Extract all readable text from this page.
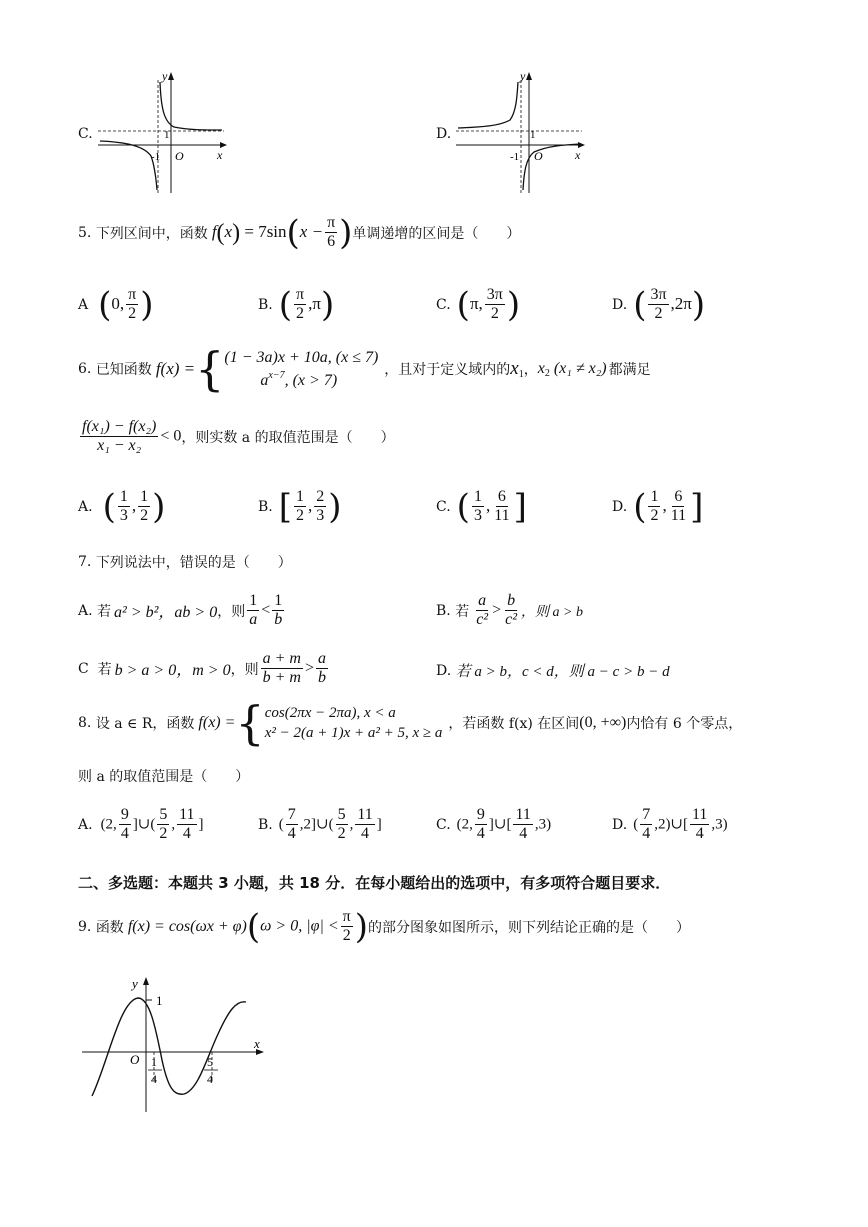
C.
y
x
O
1
-1
D.
y
x
O
1
-1
5.
下列区间中，函数 $f(x) = 7\sin(x - \frac{\pi}{6}$ ) 单调递增的区间是（　　）
A (0, $\frac{\pi}{2}$ )	B. ( $\frac{\pi}{2} ,\pi$)	C. (π, $\frac{3\pi}{2}$ )	D. ( $\frac{3\pi}{2} ,2\pi$)
6.
已知函数 f(x) = { (1 − 3a)x + 10a, (x ≤ 7)
$a^{x-7}$, (x > 7)
，且对于定义域内的 $x_1$ ， $x_2$ (x₁ ≠ x₂) 都满足
$\frac{\text{f(x₁) − f(x₂)}}{\text{x₁ − x₂}} < 0$ ，则实数 a 的取值范围是（　　）
A. ( $\frac{1}{3}$ , $\frac{1}{2}$ )	B. [ $\frac{1}{2}$ , $\frac{2}{3}$ )	C. ( $\frac{1}{3}$ , $\frac{6}{11}$ ]	D. ( $\frac{1}{2}$ , $\frac{6}{11}$ ]
7.
下列说法中，错误的是（　　）
A.
若 a² > b²，ab > 0 ，则 $\frac{1}{a} < \frac{1}{b}$	B.
若 $\frac{a}{\text{c²}} > \frac{b}{\text{c²}}$ ，则 a > b
C
若 b > a > 0，m > 0 ，则 $\frac{a + m}{b + m} > \frac{a}{b}$	D.
若 a > b，c < d，则 a − c > b − d
8.
设 a ∈ R，函数 f(x) = { cos(2πx − 2πa), x < a
x² − 2(a + 1)x + a² + 5, x ≥ a
，若函数 f(x) 在区间 (0, +∞) 内恰有 6 个零点，
则 a 的取值范围是（　　）
A. (2, $\frac{9}{4}$ ]∪( $\frac{5}{2}$ , $\frac{11}{4}$ ]	B. ( $\frac{7}{4}$ ,2]∪( $\frac{5}{2}$ , $\frac{11}{4}$ ]	C. (2, $\frac{9}{4}$ ]∪[ $\frac{11}{4} ,3$)	D. ( $\frac{7}{4}$ ,2)∪[ $\frac{11}{4} ,3$)
二、多选题：本题共 3 小题，共 18 分．在每小题给出的选项中，有多项符合题目要求．
9.
函数 f(x) = cos(ωx + φ) (ω > 0, $|\varphi| < \frac{\pi}{2}$ ) 的部分图象如图所示，则下列结论正确的是（　　）
y
x
O
1
1
4
5
4
